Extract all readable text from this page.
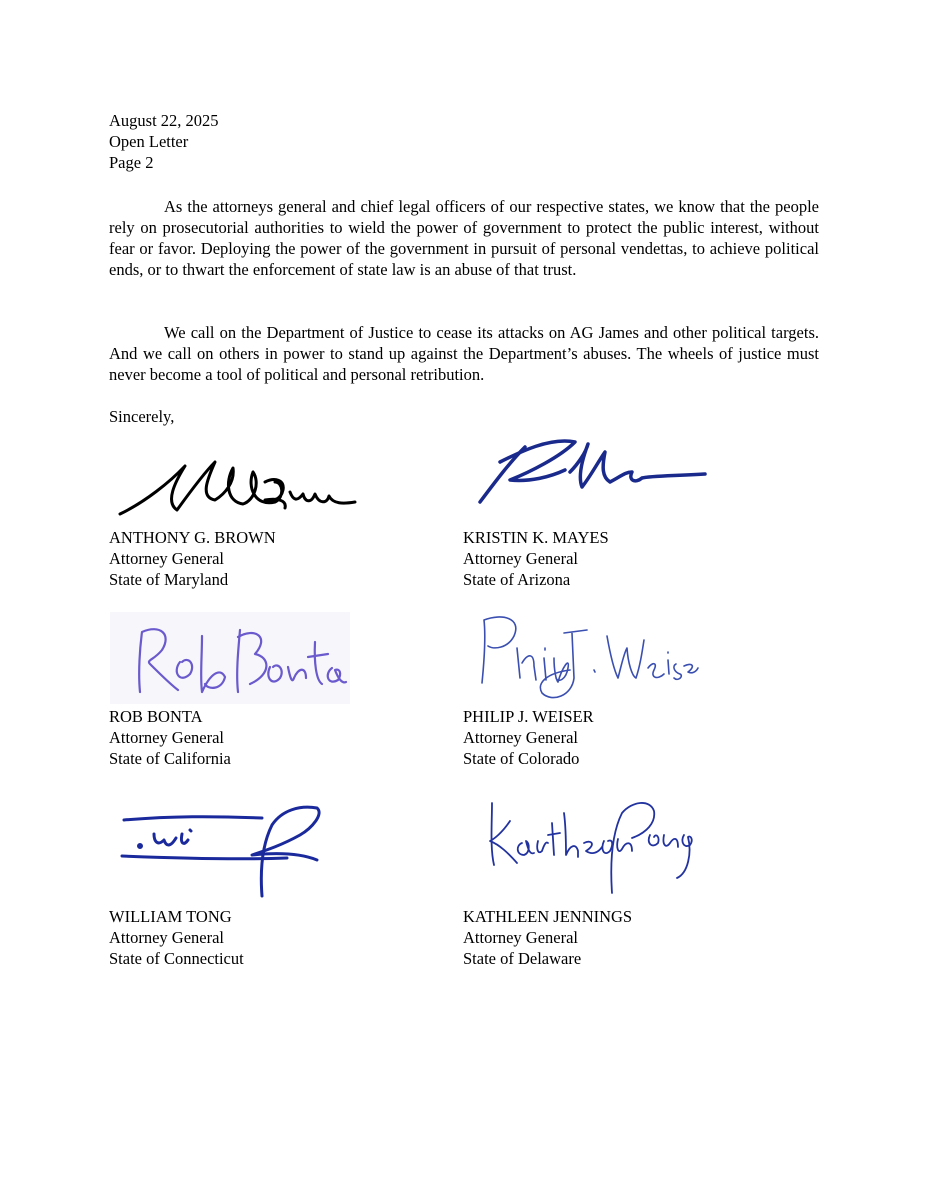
August 22, 2025
Open Letter
Page 2

As the attorneys general and chief legal officers of our respective states, we know that the people rely on prosecutorial authorities to wield the power of government to protect the public interest, without fear or favor. Deploying the power of the government in pursuit of personal vendettas, to achieve political ends, or to thwart the enforcement of state law is an abuse of that trust.

We call on the Department of Justice to cease its attacks on AG James and other political targets. And we call on others in power to stand up against the Department’s abuses. The wheels of justice must never become a tool of political and personal retribution.

Sincerely,
ANTHONY G. BROWN
Attorney General
State of Maryland
KRISTIN K. MAYES
Attorney General
State of Arizona
ROB BONTA
Attorney General
State of California
PHILIP J. WEISER
Attorney General
State of Colorado
WILLIAM TONG
Attorney General
State of Connecticut
KATHLEEN JENNINGS
Attorney General
State of Delaware
